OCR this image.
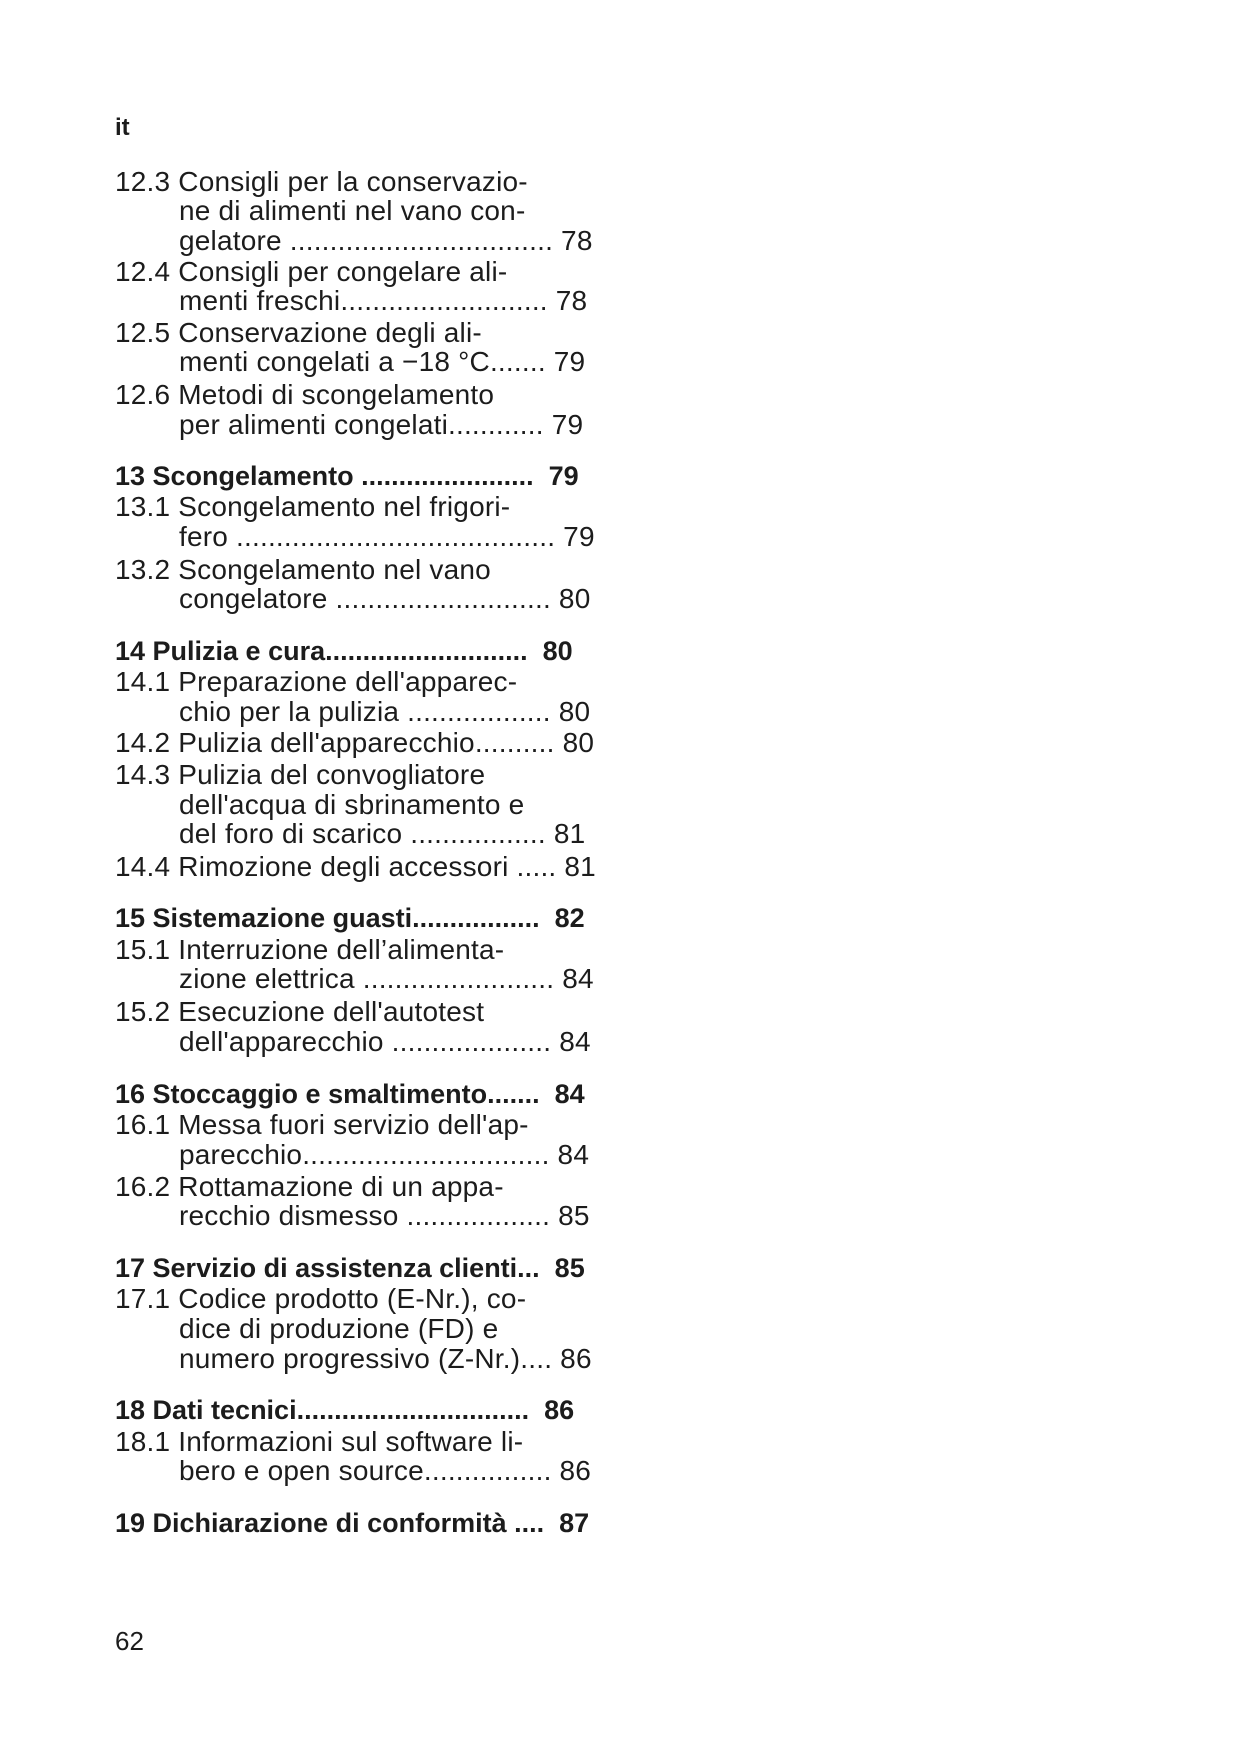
it
12.3 Consigli per la conservazio-
ne di alimenti nel vano con-
gelatore ................................. 78
12.4 Consigli per congelare ali-
menti freschi.......................... 78
12.5 Conservazione degli ali-
menti congelati a −18 °C....... 79
12.6 Metodi di scongelamento
per alimenti congelati............ 79
13 Scongelamento .......................  79
13.1 Scongelamento nel frigori-
fero ........................................ 79
13.2 Scongelamento nel vano
congelatore ........................... 80
14 Pulizia e cura...........................  80
14.1 Preparazione dell'apparec-
chio per la pulizia .................. 80
14.2 Pulizia dell'apparecchio.......... 80
14.3 Pulizia del convogliatore
dell'acqua di sbrinamento e
del foro di scarico ................. 81
14.4 Rimozione degli accessori ..... 81
15 Sistemazione guasti.................  82
15.1 Interruzione dell’alimenta-
zione elettrica ........................ 84
15.2 Esecuzione dell'autotest
dell'apparecchio .................... 84
16 Stoccaggio e smaltimento.......  84
16.1 Messa fuori servizio dell'ap-
parecchio............................... 84
16.2 Rottamazione di un appa-
recchio dismesso .................. 85
17 Servizio di assistenza clienti...  85
17.1 Codice prodotto (E-Nr.), co-
dice di produzione (FD) e
numero progressivo (Z-Nr.).... 86
18 Dati tecnici...............................  86
18.1 Informazioni sul software li-
bero e open source................ 86
19 Dichiarazione di conformità ....  87
62
